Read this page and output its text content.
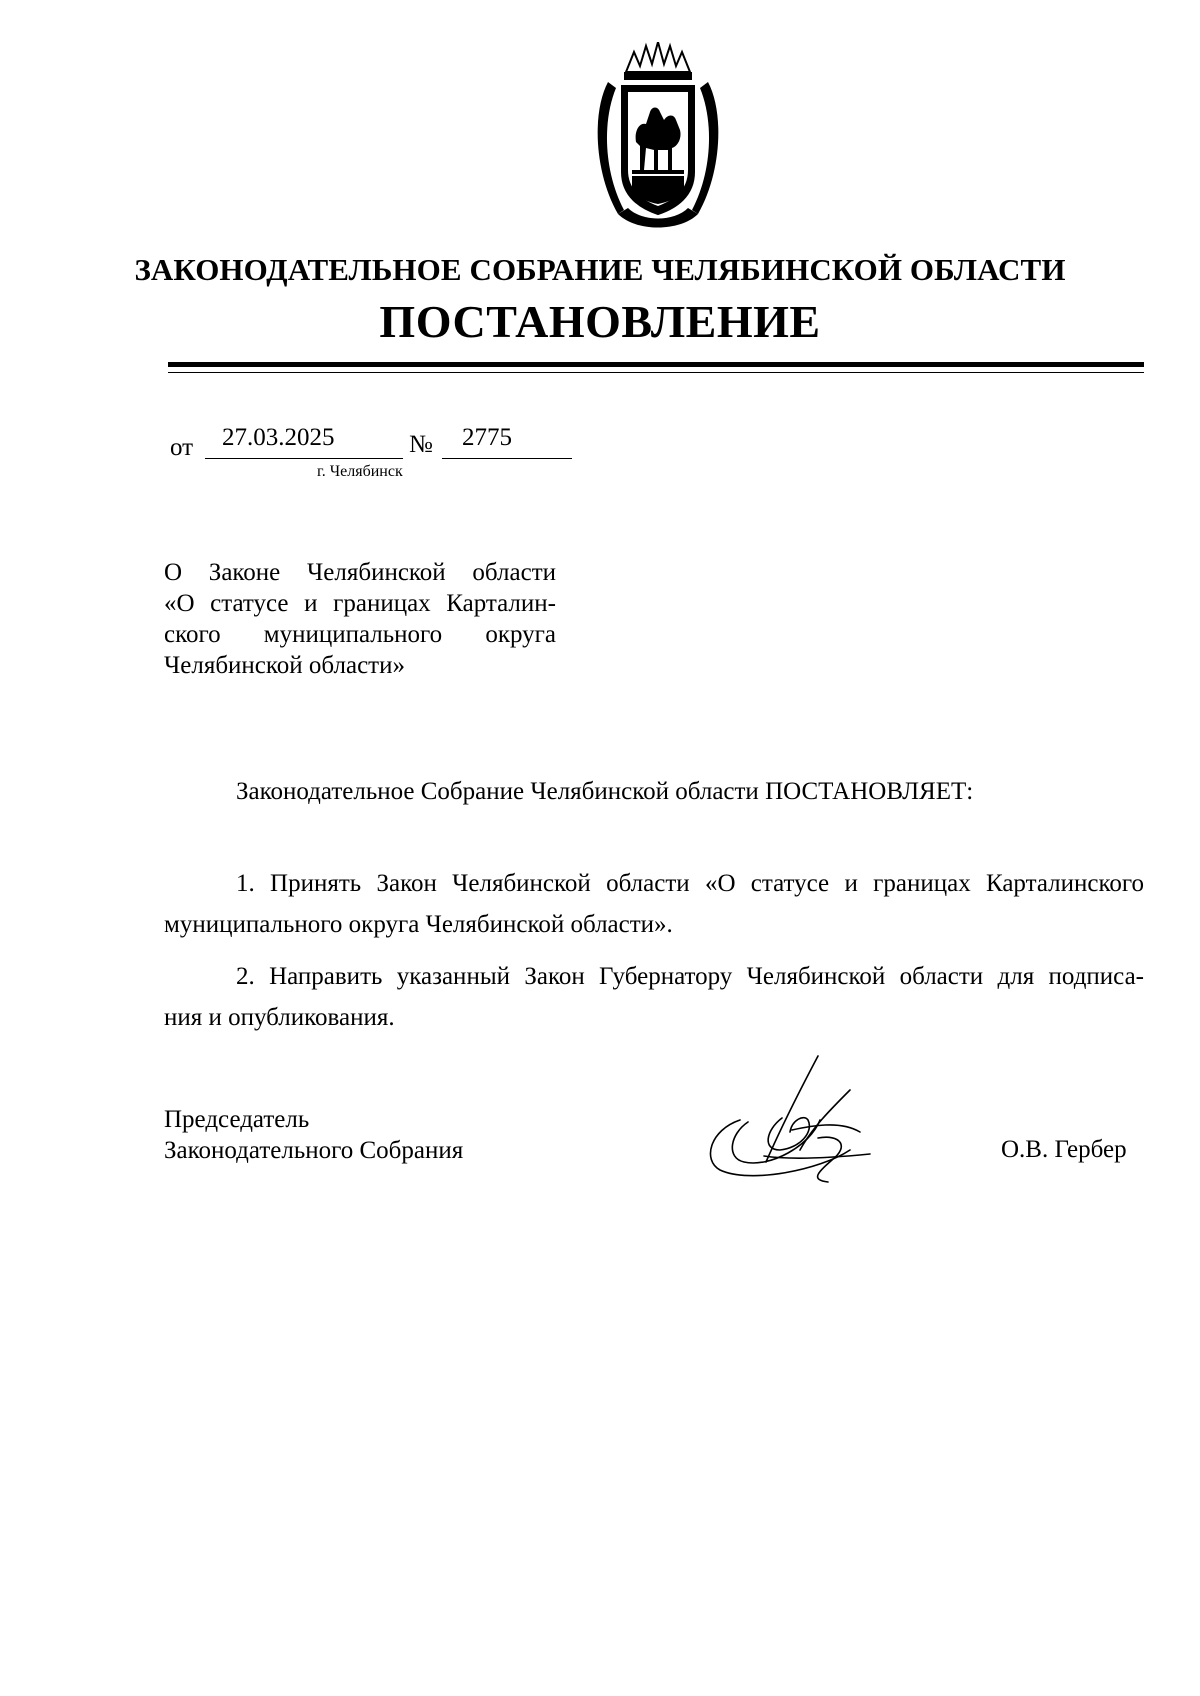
ЗАКОНОДАТЕЛЬНОЕ СОБРАНИЕ ЧЕЛЯБИНСКОЙ ОБЛАСТИ
ПОСТАНОВЛЕНИЕ
от 27.03.2025	№ 2775
г. Челябинск
О Законе Челябинской области
«О статусе и границах Карталин-
ского муниципального округа
Челябинской области»
Законодательное Собрание Челябинской области ПОСТАНОВЛЯЕТ:
1. Принять Закон Челябинской области «О статусе и границах Карталинского
муниципального округа Челябинской области».
2. Направить указанный Закон Губернатору Челябинской области для подписа-
ния и опубликования.
Председатель
Законодательного Собрания	О.В. Гербер
